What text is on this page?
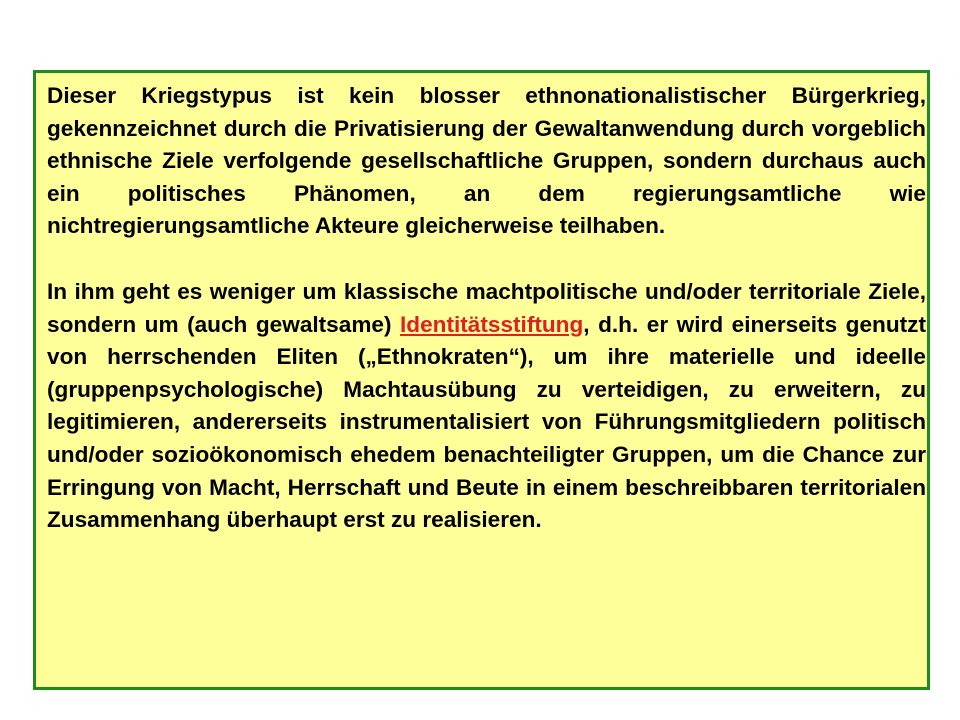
Dieser Kriegstypus ist kein blosser ethnonationalistischer Bürgerkrieg, gekennzeichnet durch die Privatisierung der Gewaltanwendung durch vorgeblich ethnische Ziele verfolgende gesellschaftliche Gruppen, sondern durchaus auch ein politisches Phänomen, an dem regierungsamtliche wie nichtregierungsamtliche Akteure gleicherweise teilhaben.

In ihm geht es weniger um klassische machtpolitische und/oder territoriale Ziele, sondern um (auch gewaltsame) Identitätsstiftung, d.h. er wird einerseits genutzt von herrschenden Eliten („Ethnokraten“), um ihre materielle und ideelle (gruppenpsychologische) Machtausübung zu verteidigen, zu erweitern, zu legitimieren, andererseits instrumentalisiert von Führungsmitgliedern politisch und/oder sozioökonomisch ehedem benachteiligter Gruppen, um die Chance zur Erringung von Macht, Herrschaft und Beute in einem beschreibbaren territorialen Zusammenhang überhaupt erst zu realisieren.
